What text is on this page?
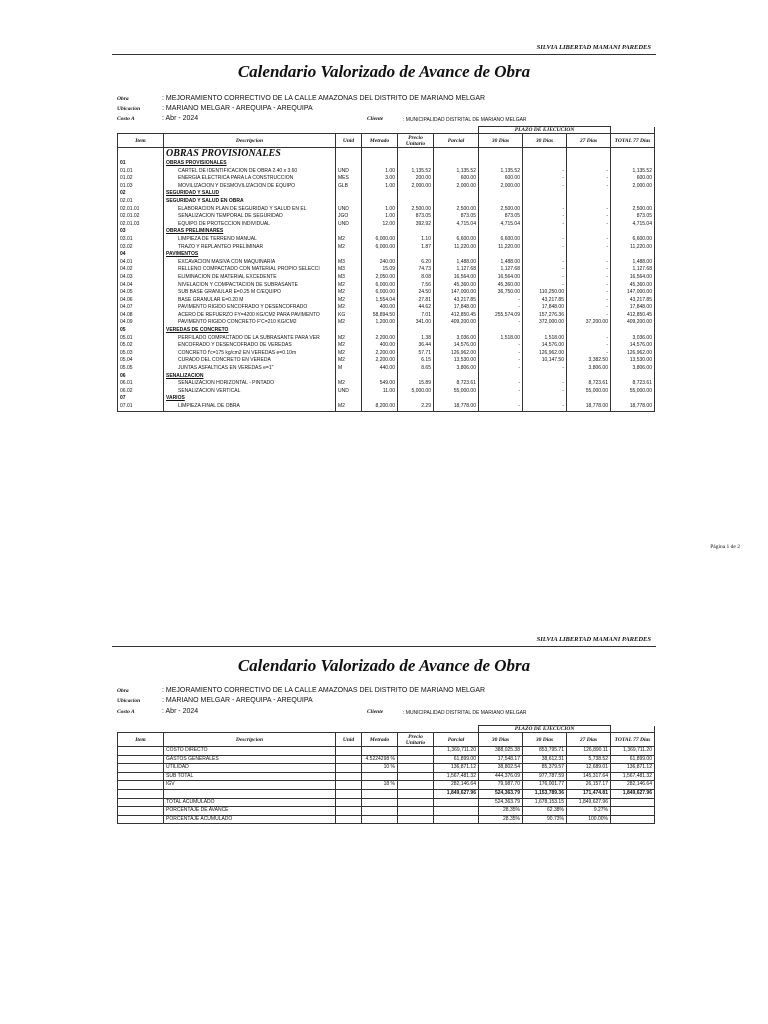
SILVIA LIBERTAD MAMANI PAREDES
Calendario Valorizado de Avance de Obra
Obra	: MEJORAMIENTO CORRECTIVO DE LA CALLE AMAZONAS DEL DISTRITO DE MARIANO MELGAR
Ubicacion	: MARIANO MELGAR - AREQUIPA - AREQUIPA
Costo A	: Abr - 2024	Cliente	: MUNICIPALIDAD DISTRITAL DE MARIANO MELGAR
						PLAZO DE EJECUCION			
Item	Descripcion	Unid	Metrado	Precio Unitario	Parcial	30 Dias	30 Dias	27 Dias	TOTAL 77 Dias
	OBRAS PROVISIONALES								
01	OBRAS PROVISIONALES								
01.01	CARTEL DE IDENTIFICACION DE OBRA 2.40 x 3.60	UND	1.00	1,135.52	1,135.52	1,135.52	-	-	1,135.52
01.02	ENERGIA ELECTRICA PARA LA CONSTRUCCION	MES	3.00	200.00	600.00	600.00	-	-	600.00
01.03	MOVILIZACION Y DESMOVILIZACION DE EQUIPO	GLB	1.00	2,000.00	2,000.00	2,000.00	-	-	2,000.00
02	SEGURIDAD Y SALUD								
02.01	SEGURIDAD Y SALUD EN OBRA								
02.01.01	ELABORACION PLAN DE SEGURIDAD Y SALUD EN EL	UND	1.00	2,500.00	2,500.00	2,500.00	-	-	2,500.00
02.01.02	SEÑALIZACION TEMPORAL DE SEGURIDAD	JGO	1.00	873.05	873.05	873.05	-	-	873.05
02.01.03	EQUIPO DE PROTECCION INDIVIDUAL	UND	12.00	392.92	4,715.04	4,715.04	-	-	4,715.04
03	OBRAS PRELIMINARES								
03.01	LIMPIEZA DE TERRENO MANUAL	M2	6,000.00	1.10	6,600.00	6,600.00	-	-	6,600.00
03.02	TRAZO Y REPLANTEO PRELIMINAR	M2	6,000.00	1.87	11,220.00	11,220.00	-	-	11,220.00
04	PAVIMENTOS								
04.01	EXCAVACION MASIVA CON MAQUINARIA	M3	240.00	6.20	1,488.00	1,488.00	-	-	1,488.00
04.02	RELLENO COMPACTADO CON MATERIAL PROPIO SELECCI	M3	15.09	74.73	1,127.68	1,127.68	-	-	1,127.68
04.03	ELIMINACION DE MATERIAL EXCEDENTE	M3	2,050.00	8.08	16,564.00	16,564.00	-	-	16,564.00
04.04	NIVELACION Y COMPACTACION DE SUBRASANTE	M2	6,000.00	7.56	45,360.00	45,360.00	-	-	45,360.00
04.05	SUB BASE GRANULAR E=0.25 M C/EQUIPO	M2	6,000.00	24.50	147,000.00	36,750.00	110,250.00	-	147,000.00
04.06	BASE GRANULAR E=0.20 M	M2	1,554.04	27.81	43,217.85	-	43,217.85	-	43,217.85
04.07	PAVIMENTO RIGIDO ENCOFRADO Y DESENCOFRADO	M2	400.00	44.62	17,848.00	-	17,848.00	-	17,848.00
04.08	ACERO DE REFUERZO FY=4200 KG/CM2 PARA PAVIMENTO	KG	58,894.50	7.01	412,850.45	255,574.09	157,276.36	-	412,850.45
04.09	PAVIMENTO RIGIDO CONCRETO F'C=210 KG/CM2	M2	1,200.00	341.00	409,200.00	-	372,000.00	37,200.00	409,200.00
05	VEREDAS DE CONCRETO								
05.01	PERFILADO COMPACTADO DE LA SUBRASANTE PARA VER	M2	2,200.00	1.38	3,036.00	1,518.00	1,518.00	-	3,036.00
05.02	ENCOFRADO Y DESENCOFRADO DE VEREDAS	M2	400.00	36.44	14,576.00	-	14,576.00	-	14,576.00
05.03	CONCRETO f'c=175 kg/cm2 EN VEREDAS e=0.10m	M2	2,200.00	57.71	126,962.00	-	126,962.00	-	126,962.00
05.04	CURADO DEL CONCRETO EN VEREDA	M2	2,200.00	6.15	13,530.00	-	10,147.50	3,382.50	13,530.00
05.05	JUNTAS ASFALTICAS EN VEREDAS e=1"	M	440.00	8.65	3,806.00	-	-	3,806.00	3,806.00
06	SEÑALIZACION								
06.01	SEÑALIZACION HORIZONTAL - PINTADO	M2	549.00	15.89	8,723.61	-	-	8,723.61	8,723.61
06.02	SEÑALIZACION VERTICAL	UND	11.00	5,000.00	55,000.00	-	-	55,000.00	55,000.00
07	VARIOS								
07.01	LIMPIEZA FINAL DE OBRA	M2	8,200.00	2.29	18,778.00	-	-	18,778.00	18,778.00
Página 1 de 2
SILVIA LIBERTAD MAMANI PAREDES
Calendario Valorizado de Avance de Obra
Obra	: MEJORAMIENTO CORRECTIVO DE LA CALLE AMAZONAS DEL DISTRITO DE MARIANO MELGAR
Ubicacion	: MARIANO MELGAR - AREQUIPA - AREQUIPA
Costo A	: Abr - 2024	Cliente	: MUNICIPALIDAD DISTRITAL DE MARIANO MELGAR
						PLAZO DE EJECUCION			
Item	Descripcion	Unid	Metrado	Precio Unitario	Parcial	30 Dias	30 Dias	27 Dias	TOTAL 77 Dias
	COSTO DIRECTO				1,369,711.20	388,025.38	853,795.71	126,890.11	1,369,711.20
	GASTOS GENERALES		4.5224298 %		61,899.00	17,548.17	38,612.31	5,738.52	61,899.00
	UTILIDAD		10 %		136,871.12	38,802.54	85,379.57	12,689.01	136,871.12
	SUB TOTAL				1,567,481.32	444,376.09	977,787.59	145,317.64	1,567,481.32
	IGV		18 %		282,146.64	79,987.70	176,001.77	26,157.17	282,146.64
					1,849,627.96	524,363.79	1,153,789.36	171,474.81	1,849,627.96
	TOTAL ACUMULADO					524,363.79	1,678,153.15	1,849,627.96	
	PORCENTAJE DE AVANCE					28.35%	62.38%	9.27%	
	PORCENTAJE ACUMULADO					28.35%	90.73%	100.00%	
